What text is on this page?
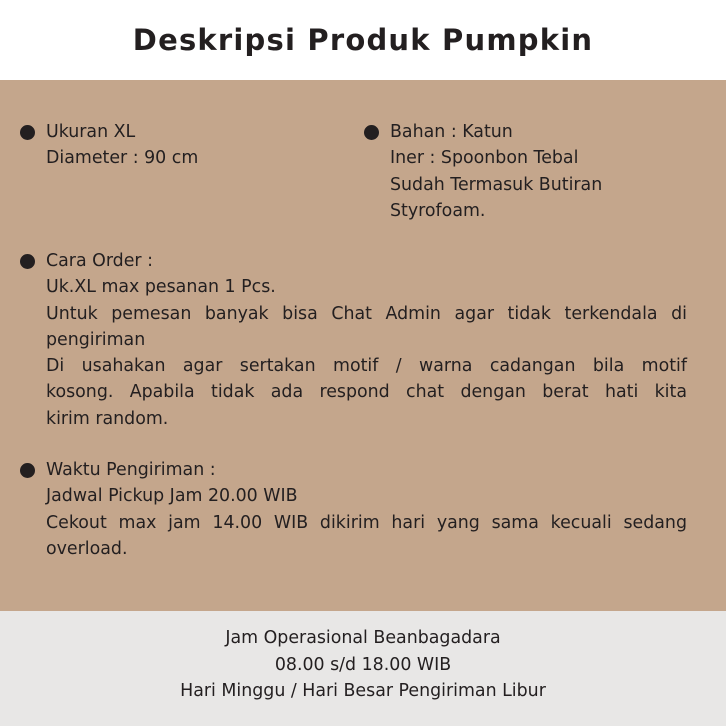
Deskripsi Produk Pumpkin
Ukuran XL
Diameter : 90 cm
Bahan : Katun
Iner : Spoonbon Tebal
Sudah Termasuk Butiran
Styrofoam.
Cara Order :
Uk.XL max pesanan 1 Pcs.
Untuk pemesan banyak bisa Chat Admin agar tidak terkendala di
pengiriman
Di usahakan agar sertakan motif / warna cadangan bila motif
kosong. Apabila tidak ada respond chat dengan berat hati kita
kirim random.
Waktu Pengiriman :
Jadwal Pickup Jam 20.00 WIB
Cekout max jam 14.00 WIB dikirim hari yang sama kecuali sedang
overload.
Jam Operasional Beanbagadara
08.00 s/d 18.00 WIB
Hari Minggu / Hari Besar Pengiriman Libur
